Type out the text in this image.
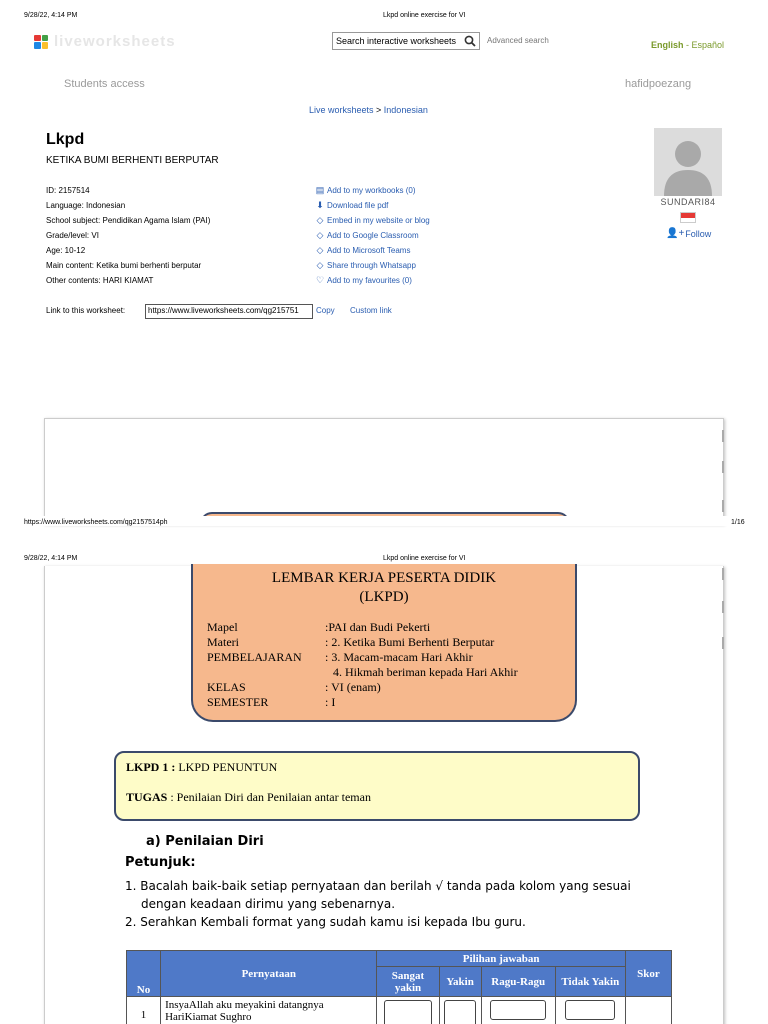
9/28/22, 4:14 PM	Lkpd online exercise for VI
liveworksheets	Search interactive worksheets	Advanced search	English - Español
Students access	hafidpoezang
Live worksheets > Indonesian
Lkpd
KETIKA BUMI BERHENTI BERPUTAR
ID: 2157514
Language: Indonesian
School subject: Pendidikan Agama Islam (PAI)
Grade/level: VI
Age: 10-12
Main content: Ketika bumi berhenti berputar
Other contents: HARI KIAMAT
▤ Add to my workbooks (0)
⬇ Download file pdf
◇ Embed in my website or blog
◇ Add to Google Classroom
◇ Add to Microsoft Teams
◇ Share through Whatsapp
♡ Add to my favourites (0)
SUNDARI84
👤+ Follow
Link to this worksheet:	https://www.liveworksheets.com/qg215751	Copy Custom link
https://www.liveworksheets.com/qg2157514ph	1/16
9/28/22, 4:14 PM	Lkpd online exercise for VI
LEMBAR KERJA PESERTA DIDIK
(LKPD)
Mapel	:PAI dan Budi Pekerti
Materi	: 2. Ketika Bumi Berhenti Berputar
PEMBELAJARAN	: 3. Macam-macam Hari Akhir
4. Hikmah beriman kepada Hari Akhir
KELAS	: VI (enam)
SEMESTER	: I
LKPD 1 : LKPD PENUNTUN
TUGAS : Penilaian Diri dan Penilaian antar teman
a) Penilaian Diri
Petunjuk:
1. Bacalah baik-baik setiap pernyataan dan berilah √ tanda pada kolom yang sesuai
dengan keadaan dirimu yang sebenarnya.
2. Serahkan Kembali format yang sudah kamu isi kepada Ibu guru.
No	Pernyataan	Pilihan jawaban				Skor
		Sangat yakin	Yakin	Ragu-Ragu	Tidak Yakin	
1	InsyaAllah aku meyakini datangnya HariKiamat Sughro					
